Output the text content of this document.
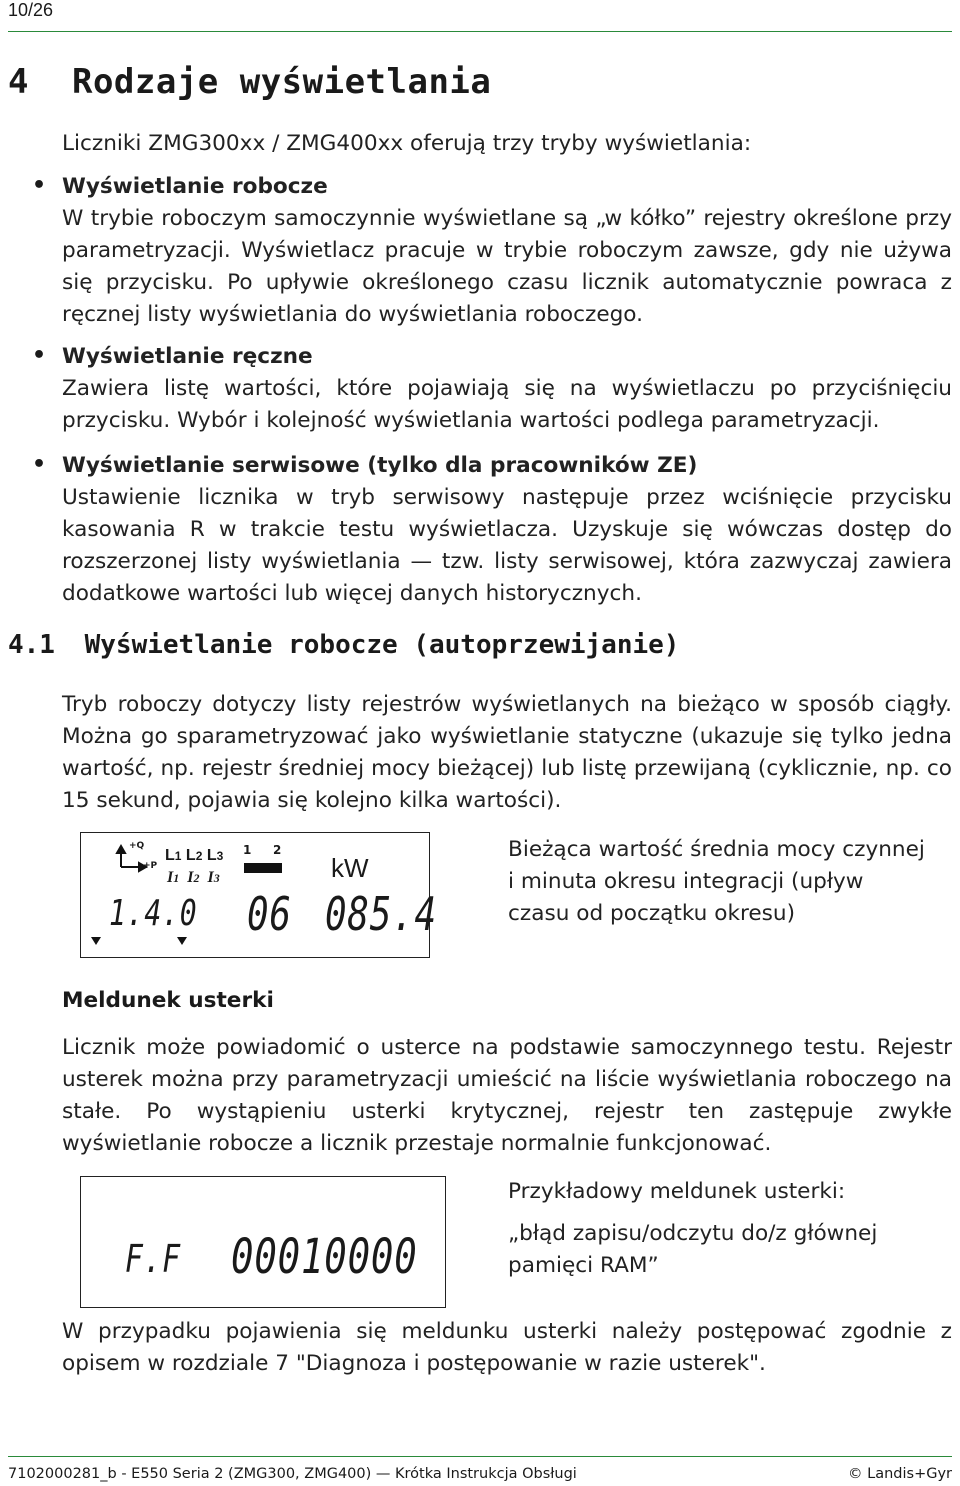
10/26
4 Rodzaje wyświetlania
Liczniki ZMG300xx / ZMG400xx oferują trzy tryby wyświetlania:
• Wyświetlanie robocze
W trybie roboczym samoczynnie wyświetlane są „w kółko” rejestry określone przy parametryzacji. Wyświetlacz pracuje w trybie roboczym zawsze, gdy nie używa się przycisku. Po upływie określonego czasu licznik automatycznie powraca z ręcznej listy wyświetlania do wyświetlania roboczego.
• Wyświetlanie ręczne
Zawiera listę wartości, które pojawiają się na wyświetlaczu po przyciśnięciu przycisku. Wybór i kolejność wyświetlania wartości podlega parametryzacji.
• Wyświetlanie serwisowe (tylko dla pracowników ZE)
Ustawienie licznika w tryb serwisowy następuje przez wciśnięcie przycisku kasowania R w trakcie testu wyświetlacza. Uzyskuje się wówczas dostęp do rozszerzonej listy wyświetlania — tzw. listy serwisowej, która zazwyczaj zawiera dodatkowe wartości lub więcej danych historycznych.
4.1 Wyświetlanie robocze (autoprzewijanie)
Tryb roboczy dotyczy listy rejestrów wyświetlanych na bieżąco w sposób ciągły. Można go sparametryzować jako wyświetlanie statyczne (ukazuje się tylko jedna wartość, np. rejestr średniej mocy bieżącej) lub listę przewijaną (cyklicznie, np. co 15 sekund, pojawia się kolejno kilka wartości).
+Q
+P
L1 L2 L3
I1 I2 I3
1 2
kW
1.4.0 06 085.4
Bieżąca wartość średnia mocy czynnej i minuta okresu integracji (upływ czasu od początku okresu)
Meldunek usterki
Licznik może powiadomić o usterce na podstawie samoczynnego testu. Rejestr usterek można przy parametryzacji umieścić na liście wyświetlania roboczego na stałe. Po wystąpieniu usterki krytycznej, rejestr ten zastępuje zwykłe wyświetlanie robocze a licznik przestaje normalnie funkcjonować.
F.F 00010000
Przykładowy meldunek usterki:
„błąd zapisu/odczytu do/z głównej pamięci RAM”
W przypadku pojawienia się meldunku usterki należy postępować zgodnie z opisem w rozdziale 7 "Diagnoza i postępowanie w razie usterek".
7102000281_b - E550 Seria 2 (ZMG300, ZMG400) — Krótka Instrukcja Obsługi	© Landis+Gyr
